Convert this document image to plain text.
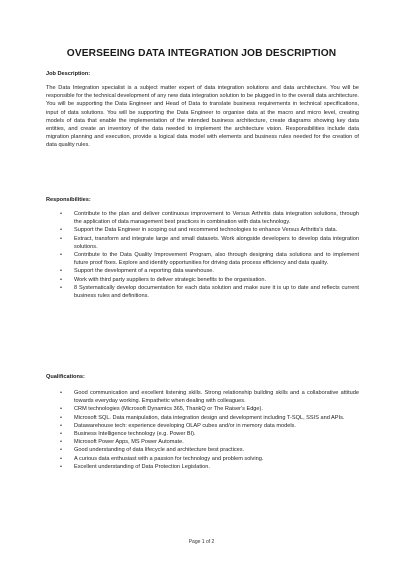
OVERSEEING DATA INTEGRATION JOB DESCRIPTION

Job Description:

The Data Integration specialist is a subject matter expert of data integration solutions and data architecture. You will be responsible for the technical development of any new data integration solution to be plugged in to the overall data architecture. You will be supporting the Data Engineer and Head of Data to translate business requirements in technical specifications, input of data solutions. You will be supporting the Data Engineer to organise data at the macro and micro level, creating models of data that enable the implementation of the intended business architecture, create diagrams showing key data entities, and create an inventory of the data needed to implement the architecture vision. Responsibilities include data migration planning and execution, provide a logical data model with elements and business rules needed for the creation of data quality rules.

Responsibilities:

• Contribute to the plan and deliver continuous improvement to Versus Arthritis data integration solutions, through the application of data management best practices in combination with data technology.
• Support the Data Engineer in scoping out and recommend technologies to enhance Versus Arthritis's data.
• Extract, transform and integrate large and small datasets. Work alongside developers to develop data integration solutions.
• Contribute to the Data Quality Improvement Program, also through designing data solutions and to implement future proof fixes. Explore and identify opportunities for driving data process efficiency and data quality.
• Support the development of a reporting data warehouse.
• Work with third party suppliers to deliver strategic benefits to the organisation.
• 8 Systematically develop documentation for each data solution and make sure it is up to date and reflects current business rules and definitions.

Qualifications:

• Good communication and excellent listening skills. Strong relationship building skills and a collaborative attitude towards everyday working. Empathetic when dealing with colleagues.
• CRM technologies (Microsoft Dynamics 365, ThankQ or The Raiser's Edge).
• Microsoft SQL. Data manipulation, data integration design and development including T-SQL, SSIS and APIs.
• Datawarehouse tech: experience developing OLAP cubes and/or in memory data models.
• Business Intelligence technology (e.g. Power BI).
• Microsoft Power Apps, MS Power Automate.
• Good understanding of data lifecycle and architecture best practices.
• A curious data enthusiast with a passion for technology and problem solving.
• Excellent understanding of Data Protection Legislation.

Page 1 of 2
